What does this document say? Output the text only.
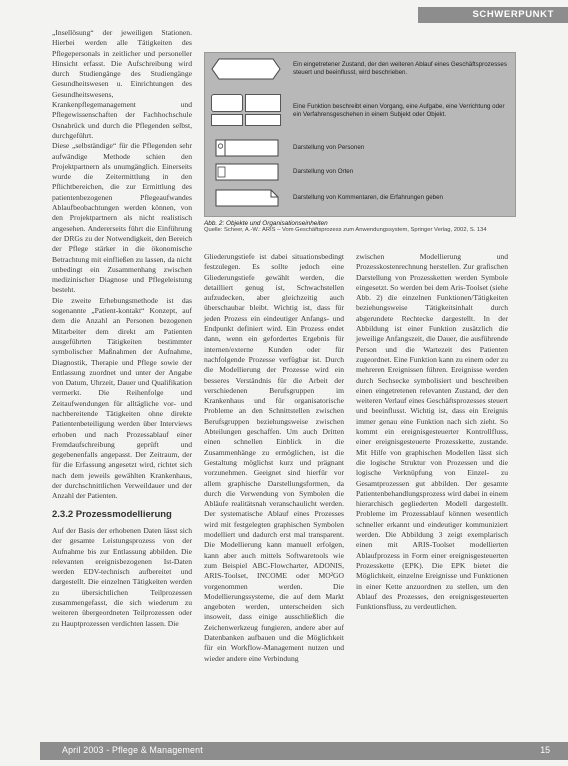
SCHWERPUNKT

„Insellösung“ der jeweiligen Stationen. Hierbei werden alle Tätigkeiten des Pflegepersonals in zeitlicher und personeller Hinsicht erfasst. Die Aufschreibung wird durch Studiengänge des Studiengänge Gesundheitswesen u. Einrichtungen des Gesundheitswesens, Krankenpflegemanagement und Pflegewissenschaften der Fachhochschule Osnabrück und durch die Pflegenden selbst, durchgeführt.

Diese „selbständige“ für die Pflegenden sehr aufwändige Methode schien den Projektpartnern als unumgänglich. Einerseits wurde die Zeitermittlung in den Pflichtbereichen, die zur Ermittlung des patientenbezogenen Pflegeaufwandes Ablaufbeobachtungen werden können, von den Projektpartnern als nicht realistisch angesehen. Andererseits führt die Einführung der DRGs zu der Notwendigkeit, den Bereich der Pflege stärker in die ökonomische Betrachtung mit einfließen zu lassen, da nicht unbedingt ein Zusammenhang zwischen medizinischer Diagnose und Pflegeleistung besteht.

Die zweite Erhebungsmethode ist das sogenannte „Patient-kontakt“ Konzept, auf dem die Anzahl an Personen bezogenen Mitarbeiter dem direkt am Patienten ausgeführten Tätigkeiten bestimmter symbolischer Maßnahmen der Aufnahme, Diagnostik, Therapie und Pflege sowie der Entlassung zuordnet und unter der Angabe von Datum, Uhrzeit, Dauer und Qualifikation vermerkt. Die Reihenfolge und Zeitaufwendungen für alltägliche vor- und nachbereitende Tätigkeiten ohne direkte Patientenbeteiligung werden über Interviews erhoben und nach Prozessablauf einer Fremdaufschreibung geprüft und gegebenenfalls angepasst. Der Zeitraum, der für die Erfassung angesetzt wird, richtet sich nach dem jeweils gewählten Krankenhaus, der durchschnittlichen Verweildauer und der Anzahl der Patienten.

2.3.2 Prozessmodellierung

Auf der Basis der erhobenen Daten lässt sich der gesamte Leistungsprozess von der Aufnahme bis zur Entlassung abbilden. Die relevanten ereignisbezogenen Ist-Daten werden EDV-technisch aufbereitet und dargestellt. Die einzelnen Tätigkeiten werden zu übersichtlichen Teilprozessen zusammengefasst, die sich wiederum zu weiteren übergeordneten Teilprozessen oder zu Hauptprozessen verdichten lassen. Die

Ein eingetretener Zustand, der den weiteren Ablauf eines Geschäftsprozesses steuert und beeinflusst, wird beschrieben.
Eine Funktion beschreibt einen Vorgang, eine Aufgabe, eine Verrichtung oder ein Verfahrensgeschehen in einem Subjekt oder Objekt.
Darstellung von Personen
Darstellung von Orten
Darstellung von Kommentaren, die Erfahrungen geben
Abb. 2: Objekte und Organisationseinheiten
Quelle: Scheer, A.-W.: ARIS – Vom Geschäftsprozess zum Anwendungssystem, Springer Verlag, 2002, S. 134

Gliederungstiefe ist dabei situationsbedingt festzulegen. Es sollte jedoch eine Gliederungstiefe gewählt werden, die detailliert genug ist, Schwachstellen aufzudecken, aber gleichzeitig auch überschaubar bleibt. Wichtig ist, dass für jeden Prozess ein eindeutiger Anfangs- und Endpunkt definiert wird. Ein Prozess endet dann, wenn ein gefordertes Ergebnis für internen/externe Kunden oder für nachfolgende Prozesse verfügbar ist. Durch die Modellierung der Prozesse wird ein besseres Verständnis für die Arbeit der verschiedenen Berufsgruppen im Krankenhaus und für organisatorische Probleme an den Schnittstellen zwischen Berufsgruppen beziehungsweise zwischen Abteilungen geschaffen. Um auch Dritten einen schnellen Einblick in die Zusammenhänge zu ermöglichen, ist die Gestaltung möglichst kurz und prägnant vorzunehmen. Geeignet sind hierfür vor allem graphische Darstellungsformen, da durch die Verwendung von Symbolen die Abläufe realitätsnah veranschaulicht werden. Der systematische Ablauf eines Prozesses wird mit festgelegten graphischen Symbolen modelliert und dadurch erst mal transparent. Die Modellierung kann manuell erfolgen, kann aber auch mittels Softwaretools wie zum Beispiel ABC-Flowcharter, ADONIS, ARIS-Toolset, INCOME oder MO²GO vorgenommen werden. Die Modellierungssysteme, die auf dem Markt angeboten werden, unterscheiden sich insoweit, dass einige ausschließlich die Zeichenwerkzeug fungieren, andere aber auf Datenbanken aufbauen und die Möglichkeit für ein Workflow-Management nutzen und wieder andere eine Verbindung

zwischen Modellierung und Prozesskostenrechnung herstellen. Zur grafischen Darstellung von Prozessketten werden Symbole eingesetzt. So werden bei dem Aris-Toolset (siehe Abb. 2) die einzelnen Funktionen/Tätigkeiten beziehungsweise Tätigkeitsinhalt durch abgerundete Rechtecke dargestellt. In der Abbildung ist einer Funktion zusätzlich die jeweilige Anfangszeit, die Dauer, die ausführende Person und die Wartezeit des Patienten zugeordnet. Eine Funktion kann zu einem oder zu mehreren Ereignissen führen. Ereignisse werden durch Sechsecke symbolisiert und beschreiben einen eingetretenen relevanten Zustand, der den weiteren Verlauf eines Geschäftsprozesses steuert und beeinflusst. Wichtig ist, dass ein Ereignis immer genau eine Funktion nach sich zieht. So kommt ein ereignisgesteuerter Kontrollfluss, einer ereignisgesteuerte Prozesskette, zustande. Mit Hilfe von graphischen Modellen lässt sich die logische Struktur von Prozessen und die logische Verknüpfung von Einzel- zu Gesamtprozessen gut abbilden. Der gesamte Patientenbehandlungsprozess wird dabei in einem hierarchisch gegliederten Modell dargestellt. Probleme im Prozessablauf können wesentlich schneller erkannt und eindeutiger kommuniziert werden. Die Abbildung 3 zeigt exemplarisch einen mit ARIS-Toolset modellierten Ablaufprozess in Form einer ereignisgesteuerten Prozesskette (EPK). Die EPK bietet die Möglichkeit, einzelne Ereignisse und Funktionen in einer Kette anzuordnen zu stellen, um den Ablauf des Prozesses, den ereignisgesteuerten Funktionsfluss, zu verdeutlichen.

April 2003 - Pflege & Management	15
